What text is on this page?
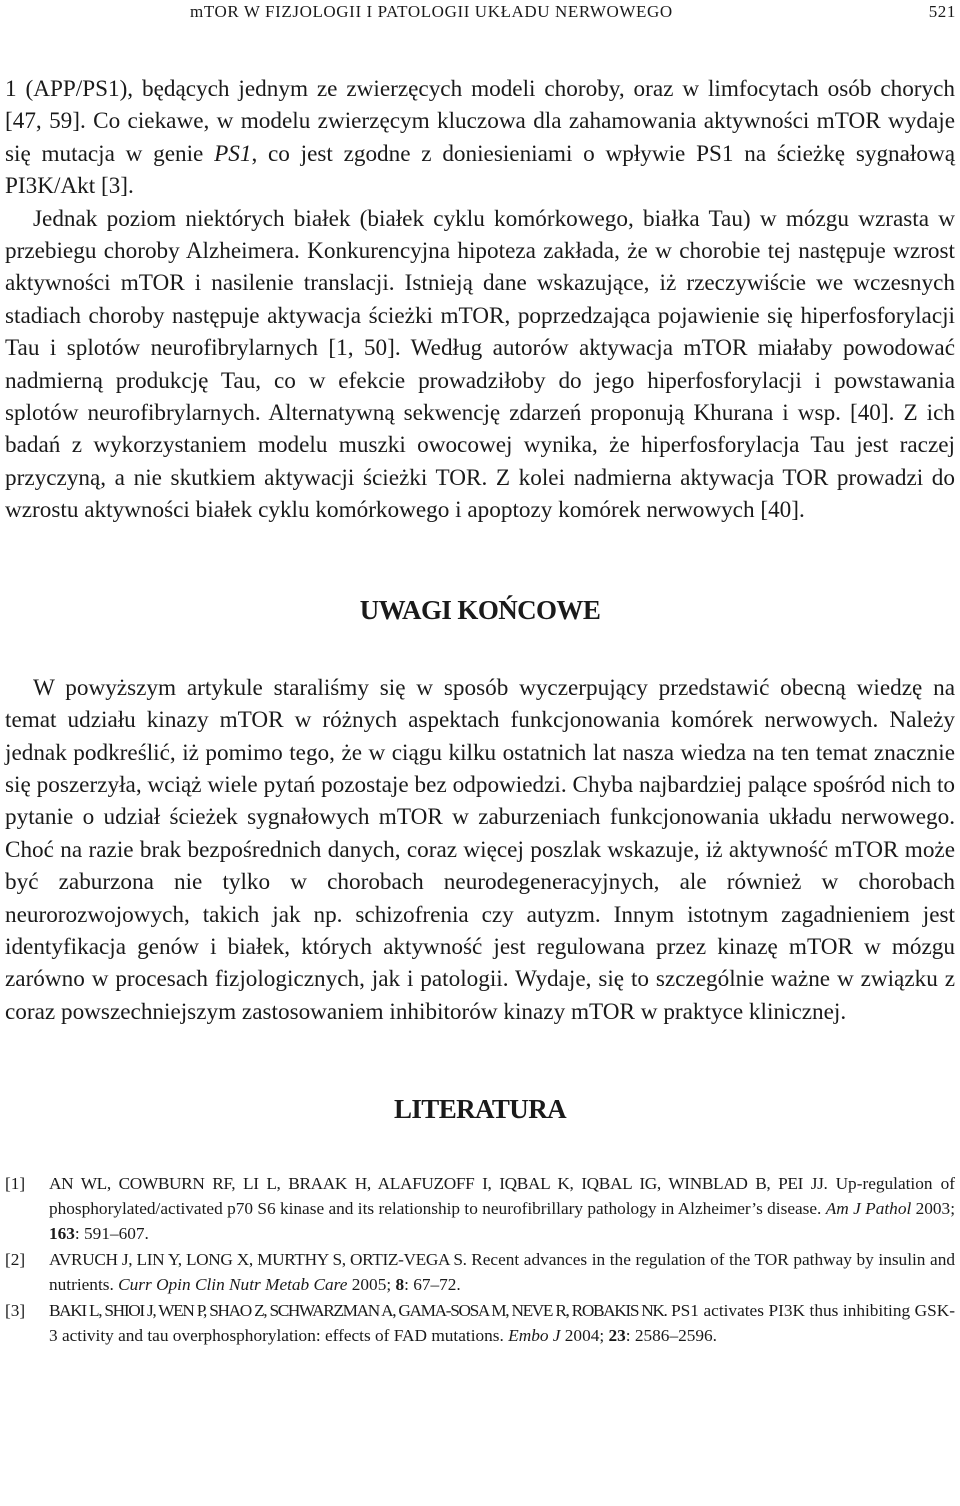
mTOR W FIZJOLOGII I PATOLOGII UKŁADU NERWOWEGO	521

1 (APP/PS1), będących jednym ze zwierzęcych modeli choroby, oraz w limfocytach osób chorych [47, 59]. Co ciekawe, w modelu zwierzęcym kluczowa dla zahamowania aktywności mTOR wydaje się mutacja w genie PS1, co jest zgodne z doniesieniami o wpływie PS1 na ścieżkę sygnałową PI3K/Akt [3].

Jednak poziom niektórych białek (białek cyklu komórkowego, białka Tau) w mózgu wzrasta w przebiegu choroby Alzheimera. Konkurencyjna hipoteza zakłada, że w chorobie tej następuje wzrost aktywności mTOR i nasilenie translacji. Istnieją dane wskazujące, iż rzeczywiście we wczesnych stadiach choroby następuje aktywacja ścieżki mTOR, poprzedzająca pojawienie się hiperfosforylacji Tau i splotów neurofibrylarnych [1, 50]. Według autorów aktywacja mTOR miałaby powodować nadmierną produkcję Tau, co w efekcie prowadziłoby do jego hiperfosforylacji i powstawania splotów neurofibrylarnych. Alternatywną sekwencję zdarzeń proponują Khurana i wsp. [40]. Z ich badań z wykorzystaniem modelu muszki owocowej wynika, że hiperfosforylacja Tau jest raczej przyczyną, a nie skutkiem aktywacji ścieżki TOR. Z kolei nadmierna aktywacja TOR prowadzi do wzrostu aktywności białek cyklu komórkowego i apoptozy komórek nerwowych [40].

UWAGI KOŃCOWE

W powyższym artykule staraliśmy się w sposób wyczerpujący przedstawić obecną wiedzę na temat udziału kinazy mTOR w różnych aspektach funkcjonowania komórek nerwowych. Należy jednak podkreślić, iż pomimo tego, że w ciągu kilku ostatnich lat nasza wiedza na ten temat znacznie się poszerzyła, wciąż wiele pytań pozostaje bez odpowiedzi. Chyba najbardziej palące spośród nich to pytanie o udział ścieżek sygnałowych mTOR w zaburzeniach funkcjonowania układu nerwowego. Choć na razie brak bezpośrednich danych, coraz więcej poszlak wskazuje, iż aktywność mTOR może być zaburzona nie tylko w chorobach neurodegeneracyjnych, ale również w chorobach neurorozwojowych, takich jak np. schizofrenia czy autyzm. Innym istotnym zagadnieniem jest identyfikacja genów i białek, których aktywność jest regulowana przez kinazę mTOR w mózgu zarówno w procesach fizjologicznych, jak i patologii. Wydaje, się to szczególnie ważne w związku z coraz powszechniejszym zastosowaniem inhibitorów kinazy mTOR w praktyce klinicznej.

LITERATURA

[1] AN WL, COWBURN RF, LI L, BRAAK H, ALAFUZOFF I, IQBAL K, IQBAL IG, WINBLAD B, PEI JJ. Up-regulation of phosphorylated/activated p70 S6 kinase and its relationship to neurofibrillary pathology in Alzheimer’s disease. Am J Pathol 2003; 163: 591–607.

[2] AVRUCH J, LIN Y, LONG X, MURTHY S, ORTIZ-VEGA S. Recent advances in the regulation of the TOR pathway by insulin and nutrients. Curr Opin Clin Nutr Metab Care 2005; 8: 67–72.

[3] BAKI L, SHIOI J, WEN P, SHAO Z, SCHWARZMAN A, GAMA-SOSA M, NEVE R, ROBAKIS NK. PS1 activates PI3K thus inhibiting GSK-3 activity and tau overphosphorylation: effects of FAD mutations. Embo J 2004; 23: 2586–2596.
